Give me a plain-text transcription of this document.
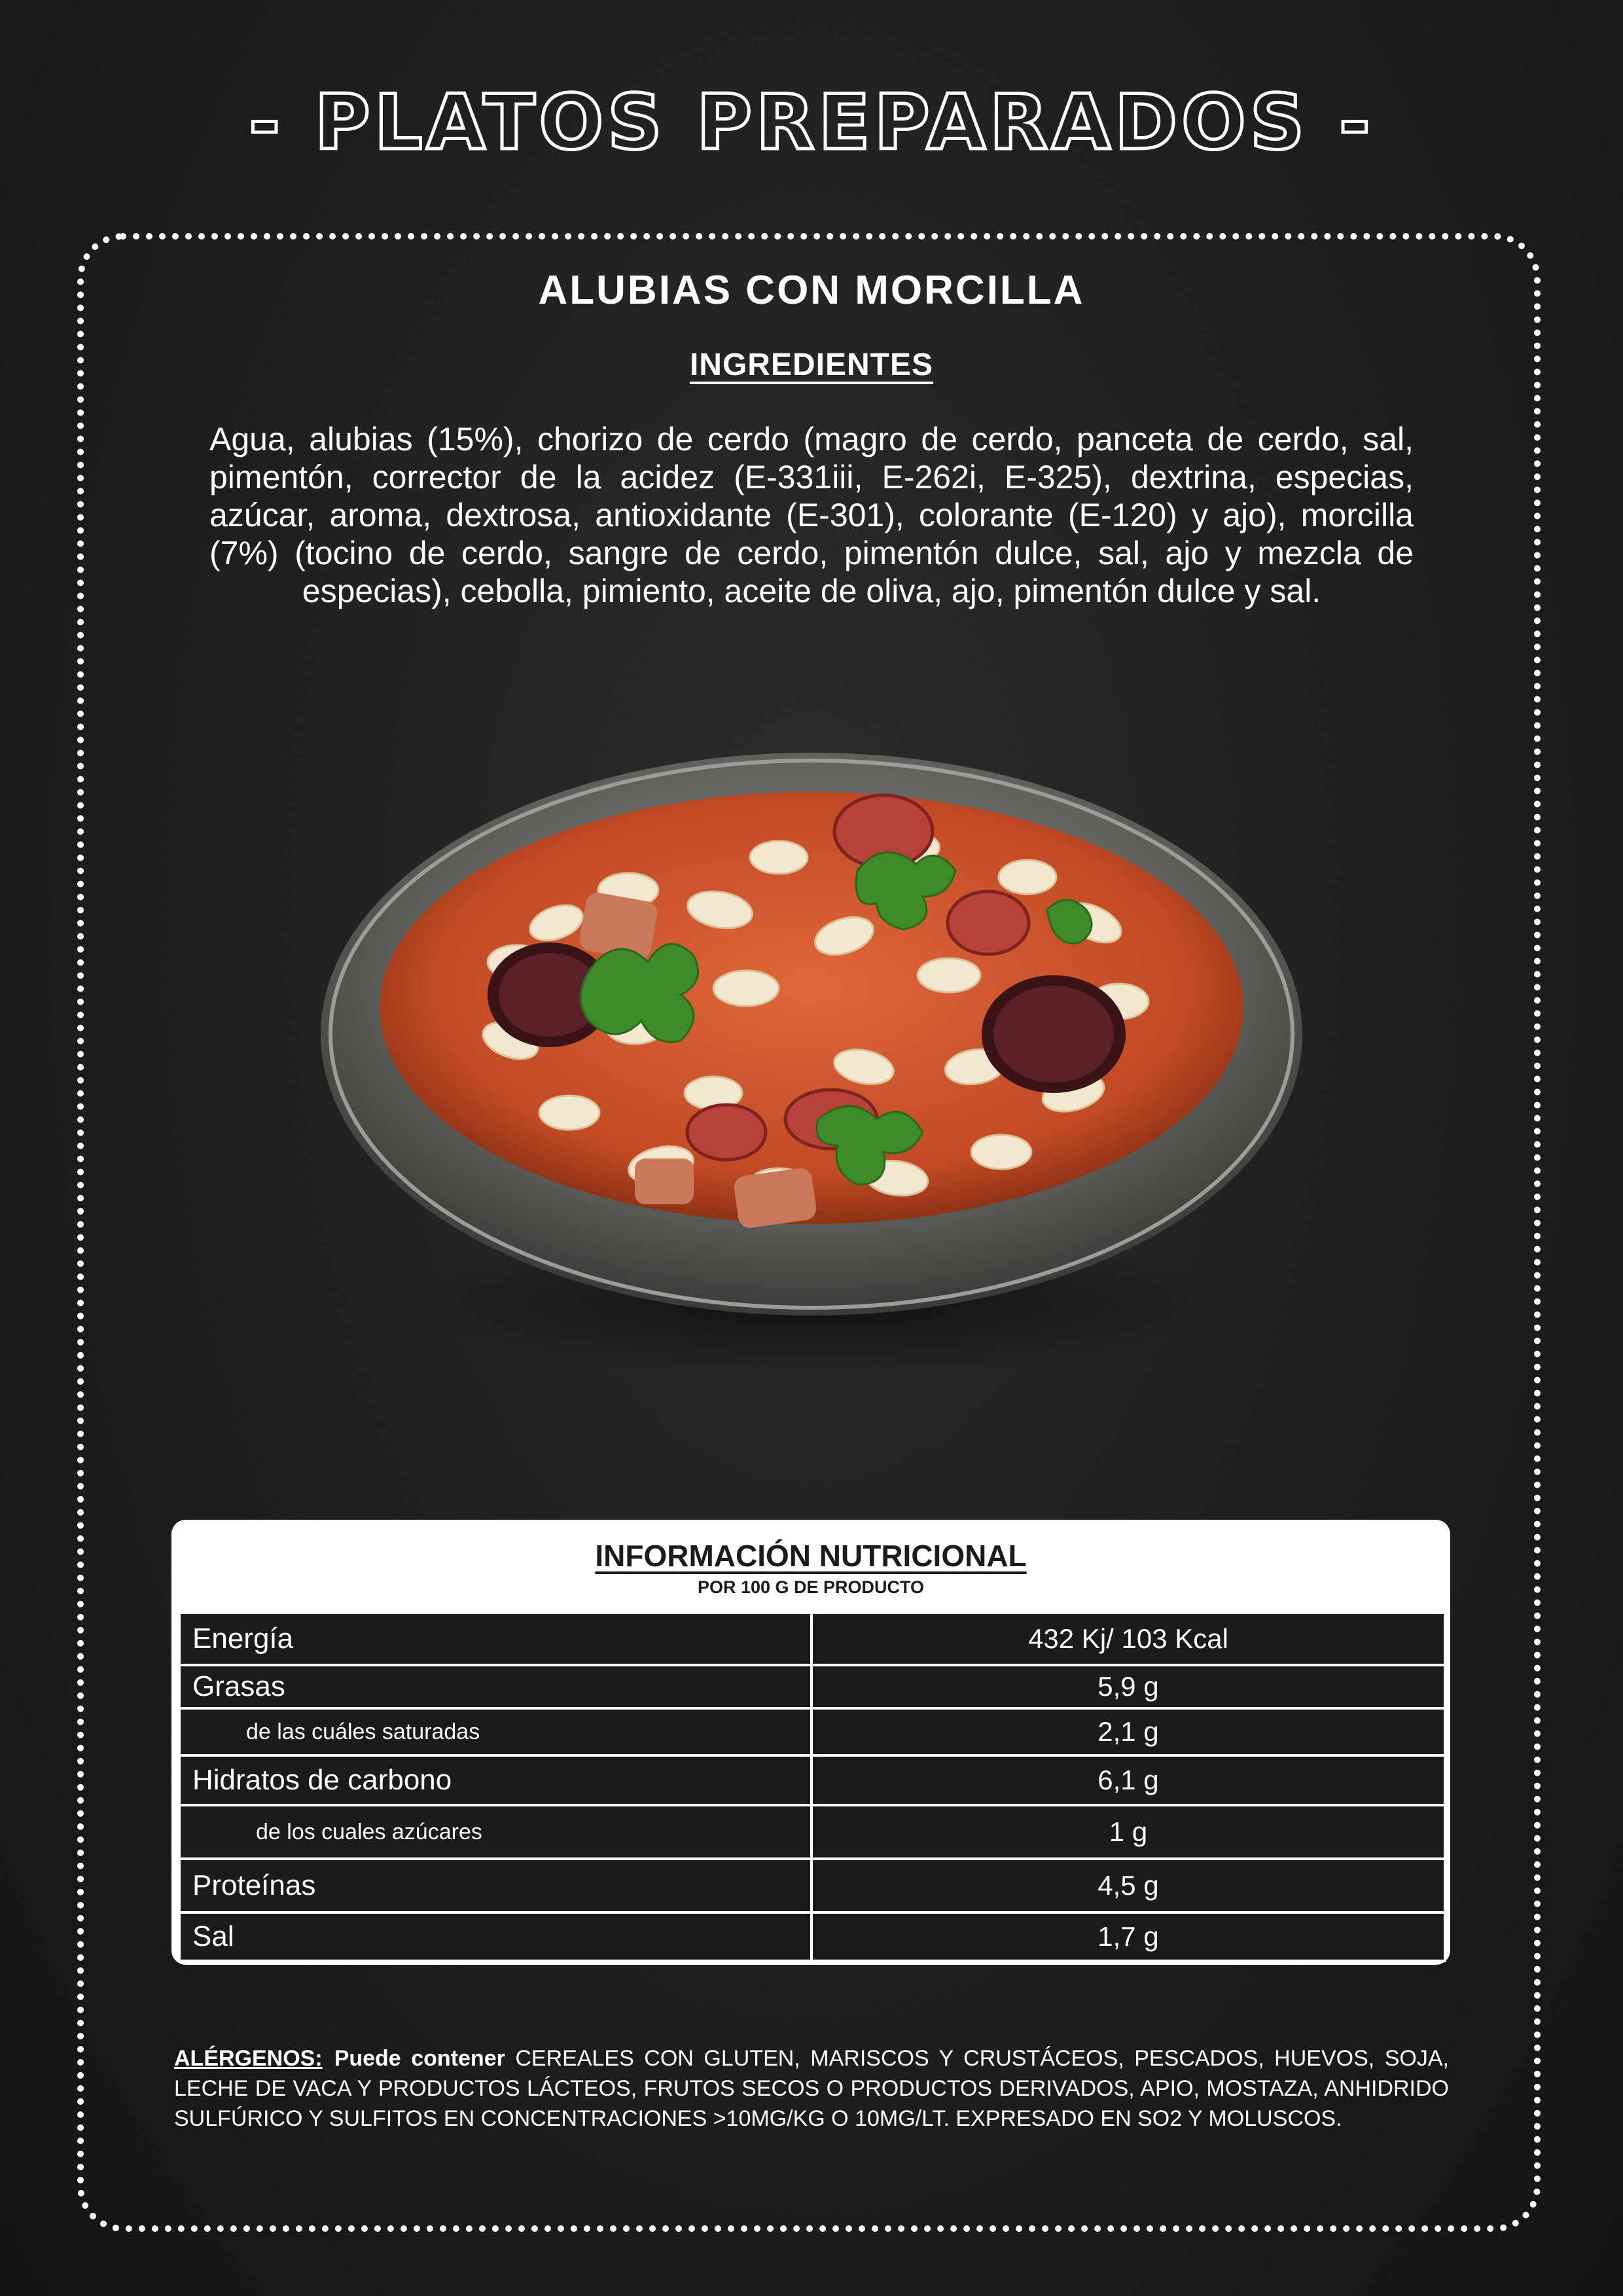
- PLATOS PREPARADOS -
ALUBIAS CON MORCILLA
INGREDIENTES
Agua, alubias (15%), chorizo de cerdo (magro de cerdo, panceta de cerdo, sal, pimentón, corrector de la acidez (E-331iii, E-262i, E-325), dextrina, especias, azúcar, aroma, dextrosa, antioxidante (E-301), colorante (E-120) y ajo), morcilla (7%) (tocino de cerdo, sangre de cerdo, pimentón dulce, sal, ajo y mezcla de especias), cebolla, pimiento, aceite de oliva, ajo, pimentón dulce y sal.
INFORMACIÓN NUTRICIONAL
POR 100 G DE PRODUCTO
Energía	432 Kj/ 103 Kcal
Grasas	5,9 g
de las cuáles saturadas	2,1 g
Hidratos de carbono	6,1 g
de los cuales azúcares	1 g
Proteínas	4,5 g
Sal	1,7 g
ALÉRGENOS: Puede contener CEREALES CON GLUTEN, MARISCOS Y CRUSTÁCEOS, PESCADOS, HUEVOS, SOJA, LECHE DE VACA Y PRODUCTOS LÁCTEOS, FRUTOS SECOS O PRODUCTOS DERIVADOS, APIO, MOSTAZA, ANHIDRIDO SULFÚRICO Y SULFITOS EN CONCENTRACIONES >10MG/KG O 10MG/LT. EXPRESADO EN SO2 Y MOLUSCOS.
